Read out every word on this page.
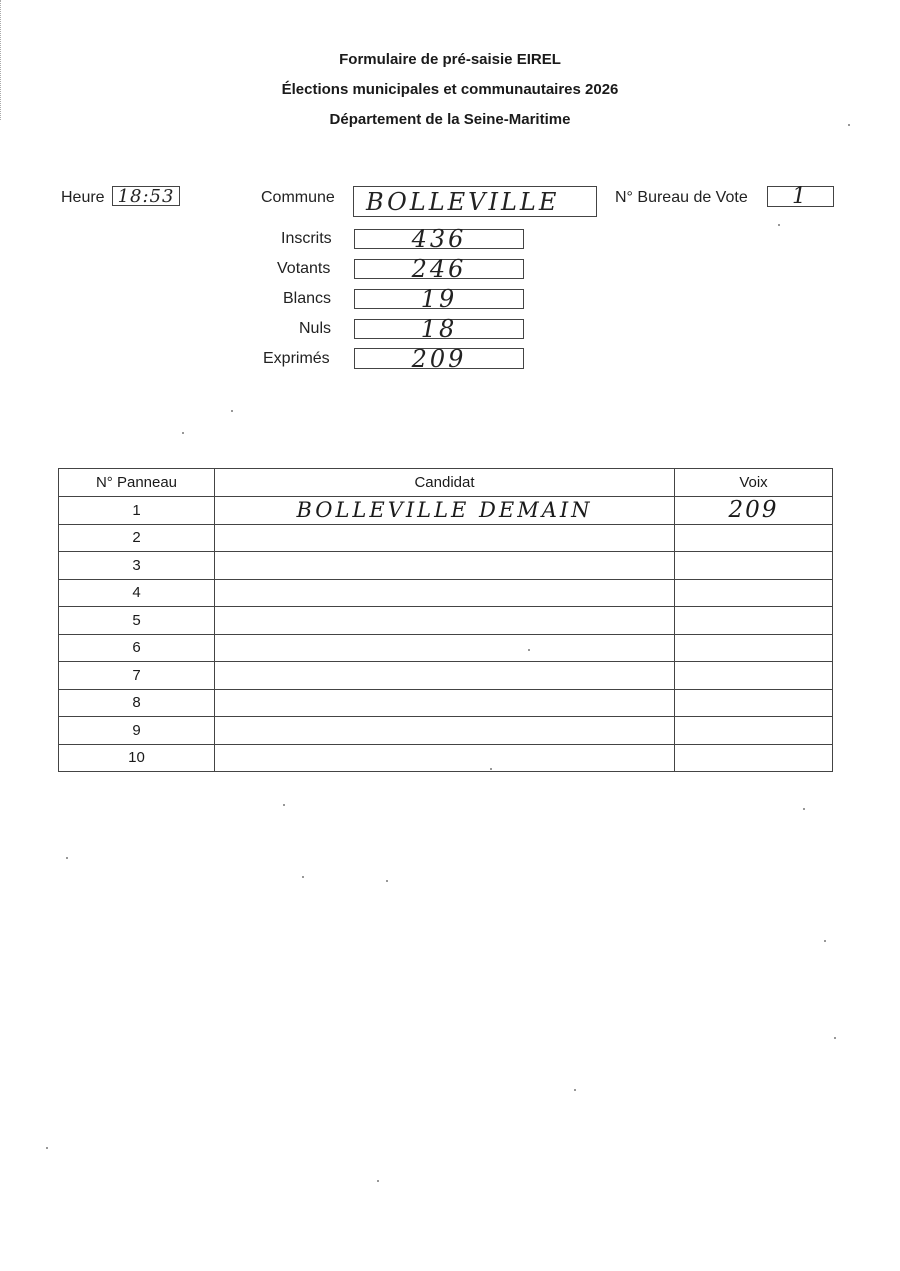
Formulaire de pré-saisie EIREL
Élections municipales et communautaires 2026
Département de la Seine-Maritime
Heure 18:53	Commune	BOLLEVILLE	N° Bureau de Vote	1
Inscrits	436
Votants	246
Blancs	19
Nuls	18
Exprimés	209
N° Panneau	Candidat	Voix
1	BOLLEVILLE DEMAIN	209
2		
3		
4		
5		
6		
7		
8		
9		
10		
